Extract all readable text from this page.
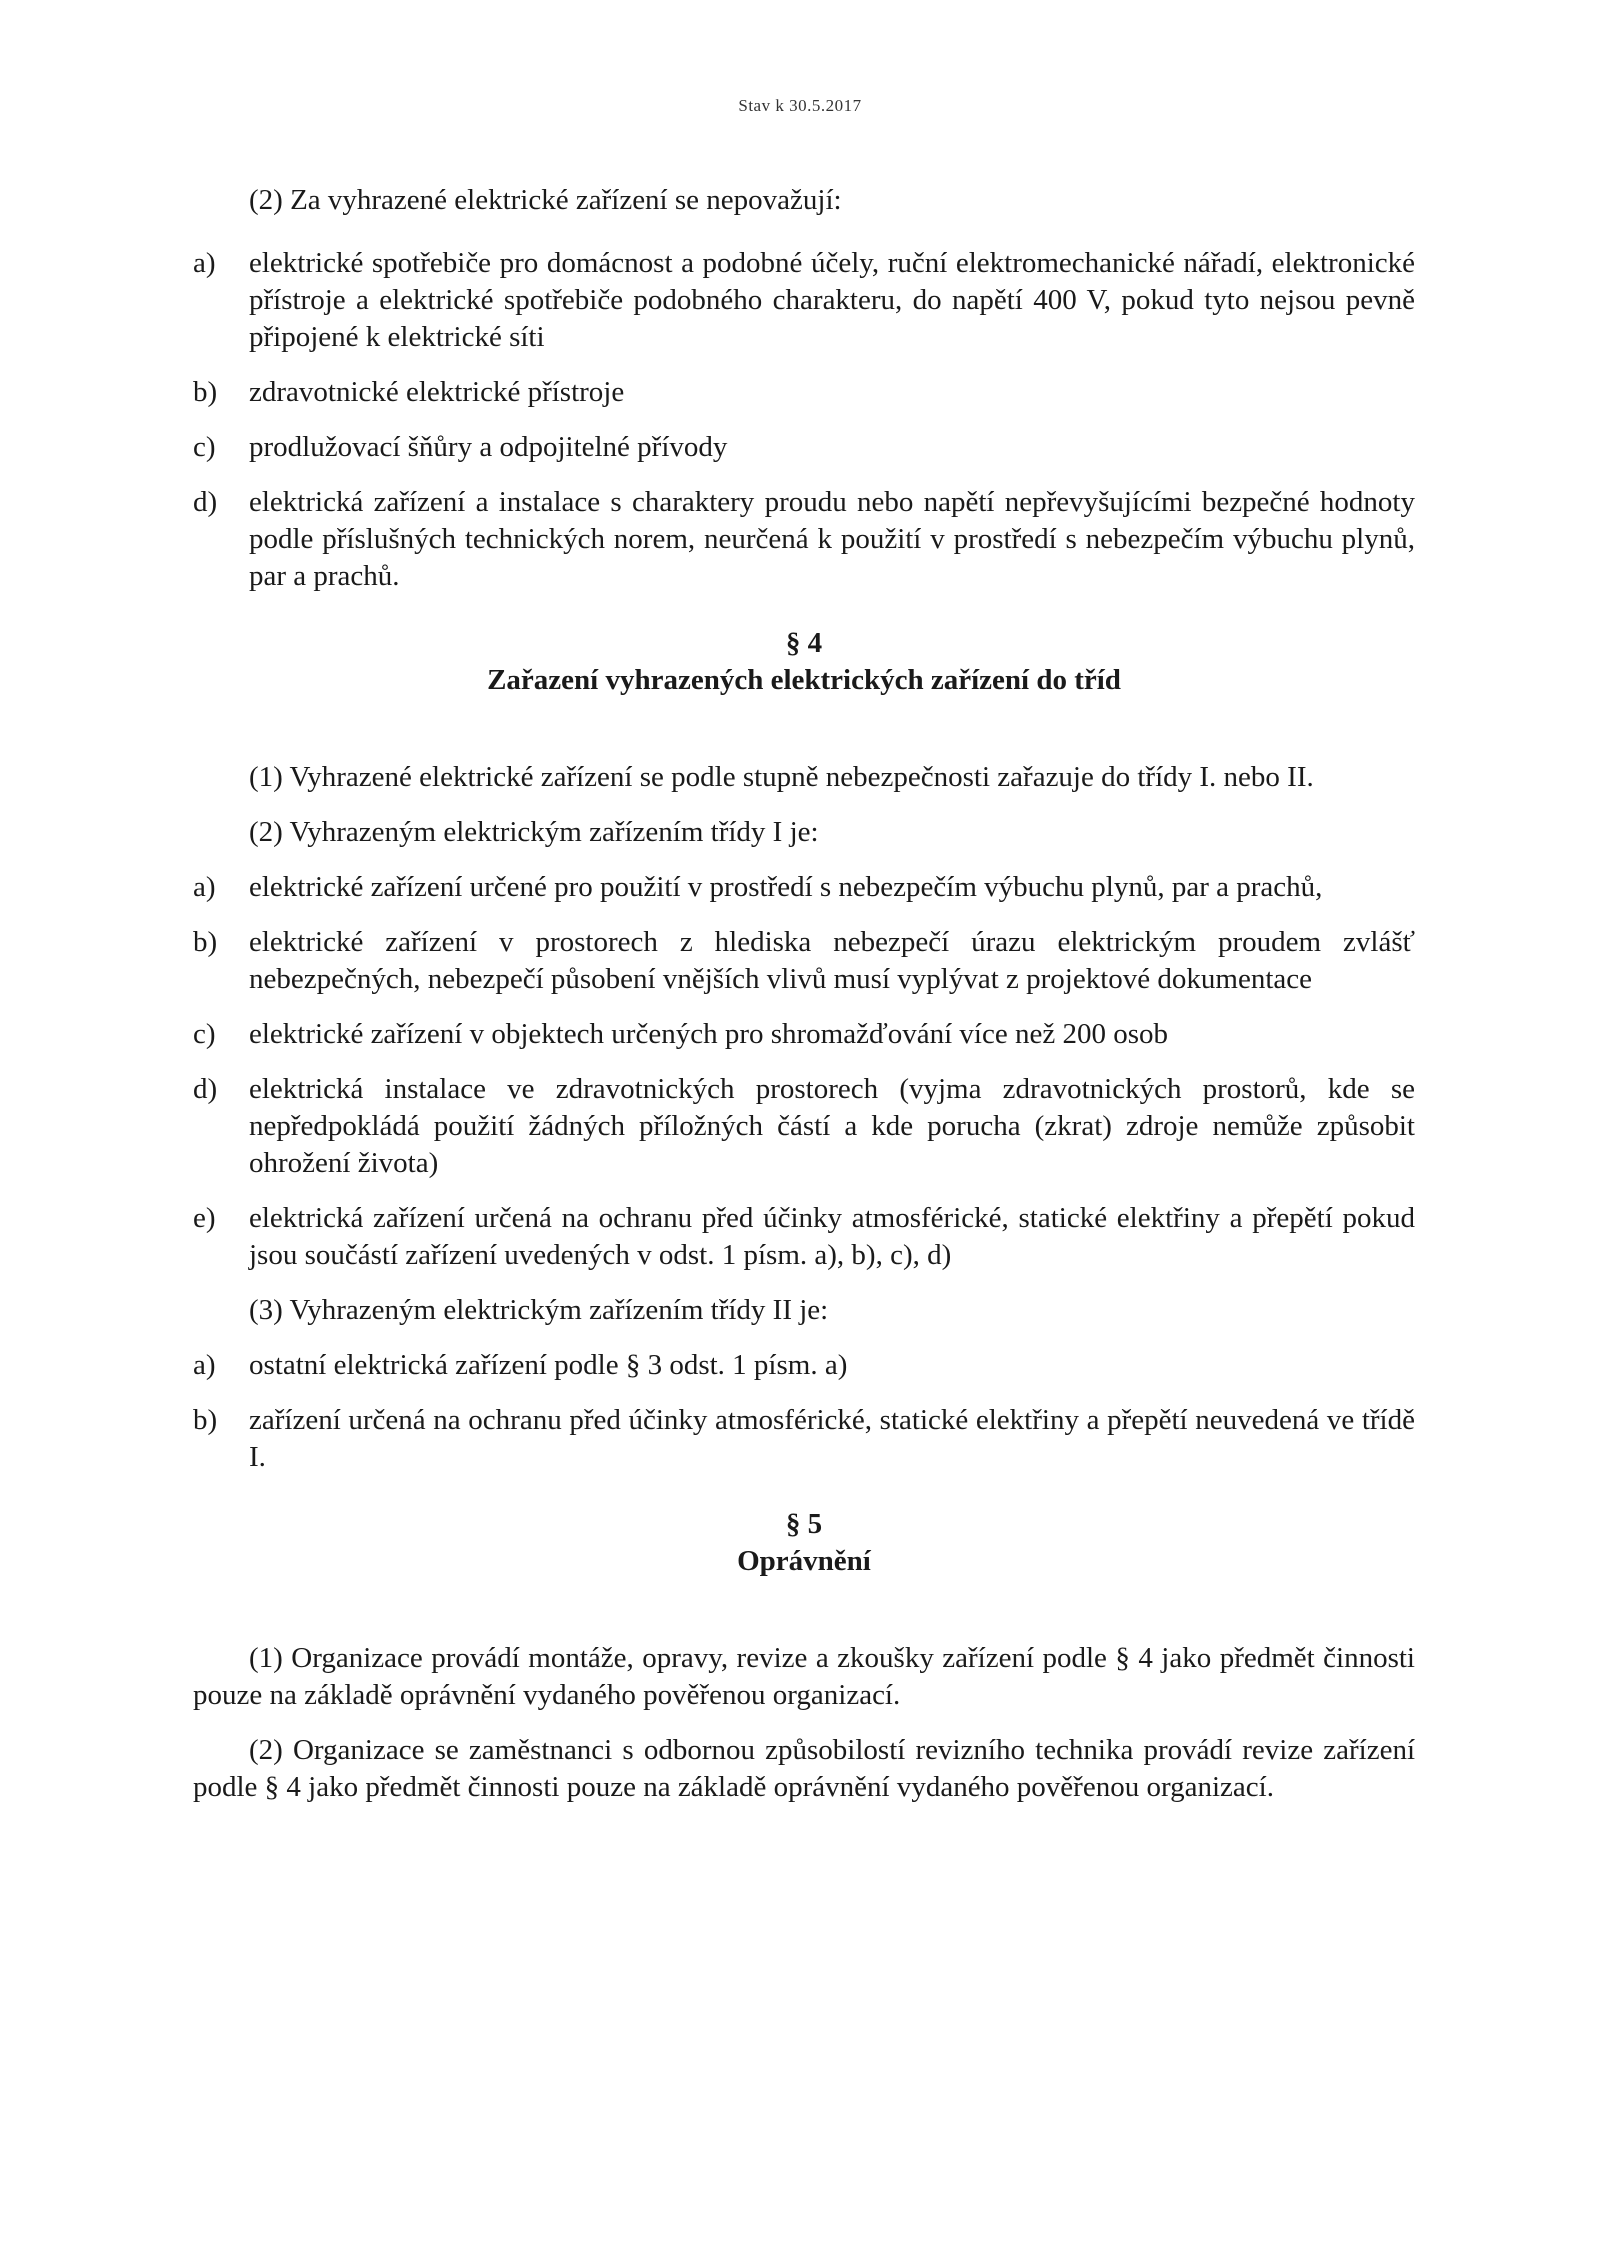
Stav k 30.5.2017

(2) Za vyhrazené elektrické zařízení se nepovažují:

a)	elektrické spotřebiče pro domácnost a podobné účely, ruční elektromechanické nářadí, elektronické přístroje a elektrické spotřebiče podobného charakteru, do napětí 400 V, pokud tyto nejsou pevně připojené k elektrické síti
b)	zdravotnické elektrické přístroje
c)	prodlužovací šňůry a odpojitelné přívody
d)	elektrická zařízení a instalace s charaktery proudu nebo napětí nepřevyšujícími bezpečné hodnoty podle příslušných technických norem, neurčená k použití v prostředí s nebezpečím výbuchu plynů, par a prachů.
§ 4
Zařazení vyhrazených elektrických zařízení do tříd

(1) Vyhrazené elektrické zařízení se podle stupně nebezpečnosti zařazuje do třídy I. nebo II.

(2) Vyhrazeným elektrickým zařízením třídy I je:

a)	elektrické zařízení určené pro použití v prostředí s nebezpečím výbuchu plynů, par a prachů,
b)	elektrické zařízení v prostorech z hlediska nebezpečí úrazu elektrickým proudem zvlášť nebezpečných, nebezpečí působení vnějších vlivů musí vyplývat z projektové dokumentace
c)	elektrické zařízení v objektech určených pro shromažďování více než 200 osob
d)	elektrická instalace ve zdravotnických prostorech (vyjma zdravotnických prostorů, kde se nepředpokládá použití žádných příložných částí a kde porucha (zkrat) zdroje nemůže způsobit ohrožení života)
e)	elektrická zařízení určená na ochranu před účinky atmosférické, statické elektřiny a přepětí pokud jsou součástí zařízení uvedených v odst. 1 písm. a), b), c), d)

(3) Vyhrazeným elektrickým zařízením třídy II je:

a)	ostatní elektrická zařízení podle § 3 odst. 1 písm. a)
b)	zařízení určená na ochranu před účinky atmosférické, statické elektřiny a přepětí neuvedená ve třídě I.
§ 5
Oprávnění

(1) Organizace provádí montáže, opravy, revize a zkoušky zařízení podle § 4 jako předmět činnosti pouze na základě oprávnění vydaného pověřenou organizací.

(2) Organizace se zaměstnanci s odbornou způsobilostí revizního technika provádí revize zařízení podle § 4 jako předmět činnosti pouze na základě oprávnění vydaného pověřenou organizací.
